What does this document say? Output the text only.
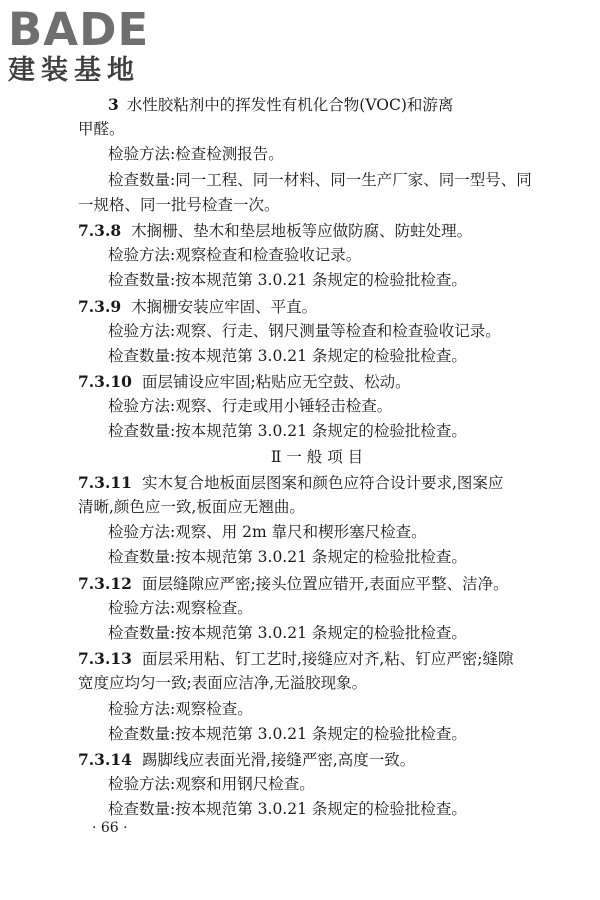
BADE
建装基地
3 水性胶粘剂中的挥发性有机化合物(VOC)和游离
甲醛。
检验方法:检查检测报告。
检查数量:同一工程、同一材料、同一生产厂家、同一型号、同
一规格、同一批号检查一次。
7.3.8 木搁栅、垫木和垫层地板等应做防腐、防蛀处理。
检验方法:观察检查和检查验收记录。
检查数量:按本规范第 3.0.21 条规定的检验批检查。
7.3.9 木搁栅安装应牢固、平直。
检验方法:观察、行走、钢尺测量等检查和检查验收记录。
检查数量:按本规范第 3.0.21 条规定的检验批检查。
7.3.10 面层铺设应牢固;粘贴应无空鼓、松动。
检验方法:观察、行走或用小锤轻击检查。
检查数量:按本规范第 3.0.21 条规定的检验批检查。
Ⅱ 一 般 项 目
7.3.11 实木复合地板面层图案和颜色应符合设计要求,图案应
清晰,颜色应一致,板面应无翘曲。
检验方法:观察、用 2m 靠尺和楔形塞尺检查。
检查数量:按本规范第 3.0.21 条规定的检验批检查。
7.3.12 面层缝隙应严密;接头位置应错开,表面应平整、洁净。
检验方法:观察检查。
检查数量:按本规范第 3.0.21 条规定的检验批检查。
7.3.13 面层采用粘、钉工艺时,接缝应对齐,粘、钉应严密;缝隙
宽度应均匀一致;表面应洁净,无溢胶现象。
检验方法:观察检查。
检查数量:按本规范第 3.0.21 条规定的检验批检查。
7.3.14 踢脚线应表面光滑,接缝严密,高度一致。
检验方法:观察和用钢尺检查。
检查数量:按本规范第 3.0.21 条规定的检验批检查。
· 66 ·
